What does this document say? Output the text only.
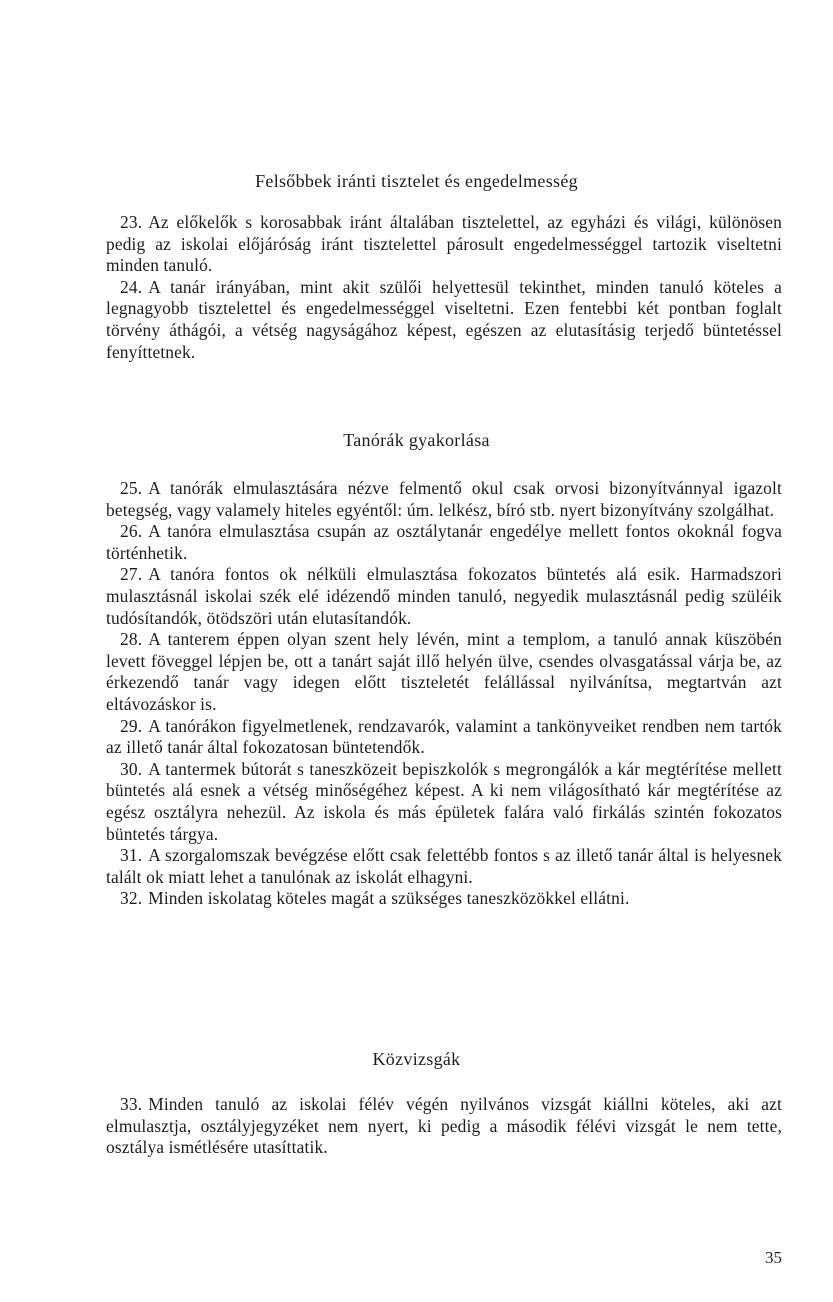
Felsőbbek iránti tisztelet és engedelmesség

23. Az előkelők s korosabbak iránt általában tisztelettel, az egyházi és világi, különösen pedig az iskolai előjáróság iránt tisztelettel párosult engedelmességgel tartozik viseltetni minden tanuló.

24. A tanár irányában, mint akit szülői helyettesül tekinthet, minden tanuló köteles a legnagyobb tisztelettel és engedelmességgel viseltetni. Ezen fentebbi két pontban foglalt törvény áthágói, a vétség nagyságához képest, egészen az elutasításig terjedő büntetéssel fenyíttetnek.

Tanórák gyakorlása

25. A tanórák elmulasztására nézve felmentő okul csak orvosi bizonyítvánnyal igazolt betegség, vagy valamely hiteles egyéntől: úm. lelkész, bíró stb. nyert bizonyítvány szolgálhat.

26. A tanóra elmulasztása csupán az osztálytanár engedélye mellett fontos okoknál fogva történhetik.

27. A tanóra fontos ok nélküli elmulasztása fokozatos büntetés alá esik. Harmadszori mulasztásnál iskolai szék elé idézendő minden tanuló, negyedik mulasztásnál pedig szüléik tudósítandók, ötödszöri után elutasítandók.

28. A tanterem éppen olyan szent hely lévén, mint a templom, a tanuló annak küszöbén levett föveggel lépjen be, ott a tanárt saját illő helyén ülve, csendes olvasgatással várja be, az érkezendő tanár vagy idegen előtt tiszteletét felállással nyilvánítsa, megtartván azt eltávozáskor is.

29. A tanórákon figyelmetlenek, rendzavarók, valamint a tankönyveiket rendben nem tartók az illető tanár által fokozatosan büntetendők.

30. A tantermek bútorát s taneszközeit bepiszkolók s megrongálók a kár megtérítése mellett büntetés alá esnek a vétség minőségéhez képest. A ki nem világosítható kár megtérítése az egész osztályra nehezül. Az iskola és más épületek falára való firkálás szintén fokozatos büntetés tárgya.

31. A szorgalomszak bevégzése előtt csak felettébb fontos s az illető tanár által is helyesnek talált ok miatt lehet a tanulónak az iskolát elhagyni.

32. Minden iskolatag köteles magát a szükséges taneszközökkel ellátni.

Közvizsgák

33. Minden tanuló az iskolai félév végén nyilvános vizsgát kiállni köteles, aki azt elmulasztja, osztályjegyzéket nem nyert, ki pedig a második félévi vizsgát le nem tette, osztálya ismétlésére utasíttatik.

35
